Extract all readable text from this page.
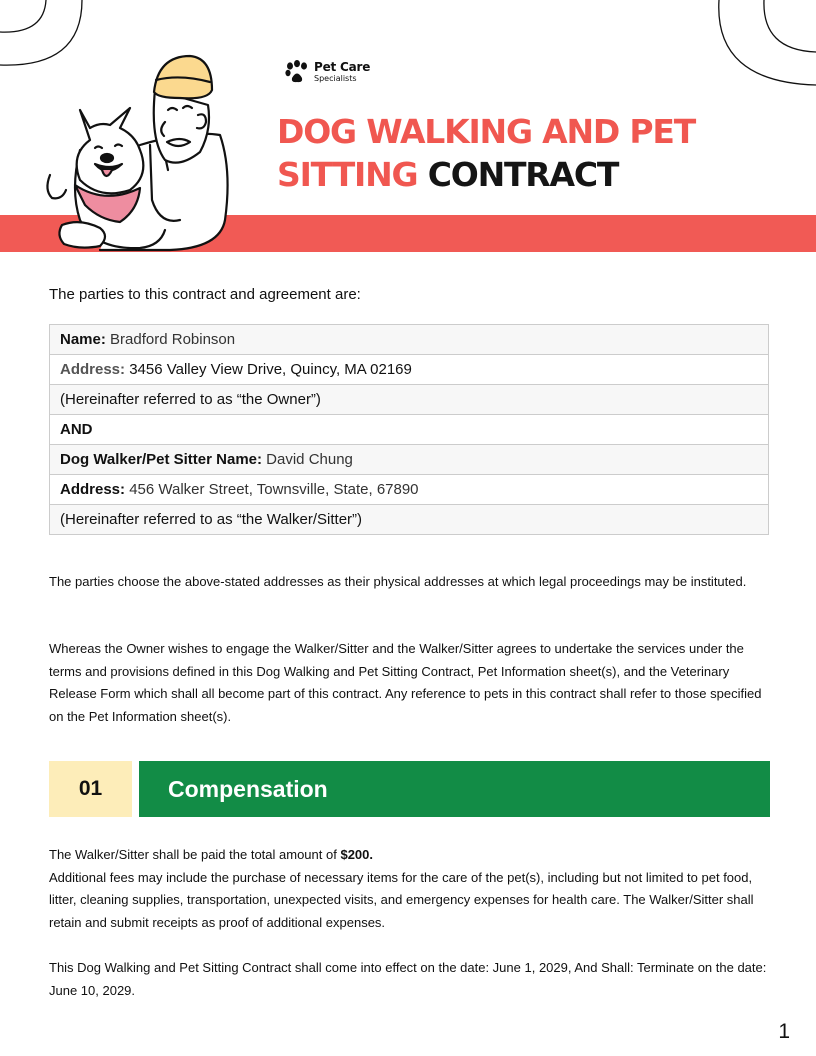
Pet Care
Specialists
DOG WALKING AND PET SITTING CONTRACT
The parties to this contract and agreement are:
Name: Bradford Robinson
Address: 3456 Valley View Drive, Quincy, MA 02169
(Hereinafter referred to as “the Owner”)
AND
Dog Walker/Pet Sitter Name: David Chung
Address: 456 Walker Street, Townsville, State, 67890
(Hereinafter referred to as “the Walker/Sitter”)

The parties choose the above-stated addresses as their physical addresses at which legal proceedings may be instituted.

Whereas the Owner wishes to engage the Walker/Sitter and the Walker/Sitter agrees to undertake the services under the terms and provisions defined in this Dog Walking and Pet Sitting Contract, Pet Information sheet(s), and the Veterinary Release Form which shall all become part of this contract. Any reference to pets in this contract shall refer to those specified on the Pet Information sheet(s).

01	Compensation

The Walker/Sitter shall be paid the total amount of $200.
Additional fees may include the purchase of necessary items for the care of the pet(s), including but not limited to pet food, litter, cleaning supplies, transportation, unexpected visits, and emergency expenses for health care. The Walker/Sitter shall retain and submit receipts as proof of additional expenses.

This Dog Walking and Pet Sitting Contract shall come into effect on the date: June 1, 2029, And Shall: Terminate on the date: June 10, 2029.

1
